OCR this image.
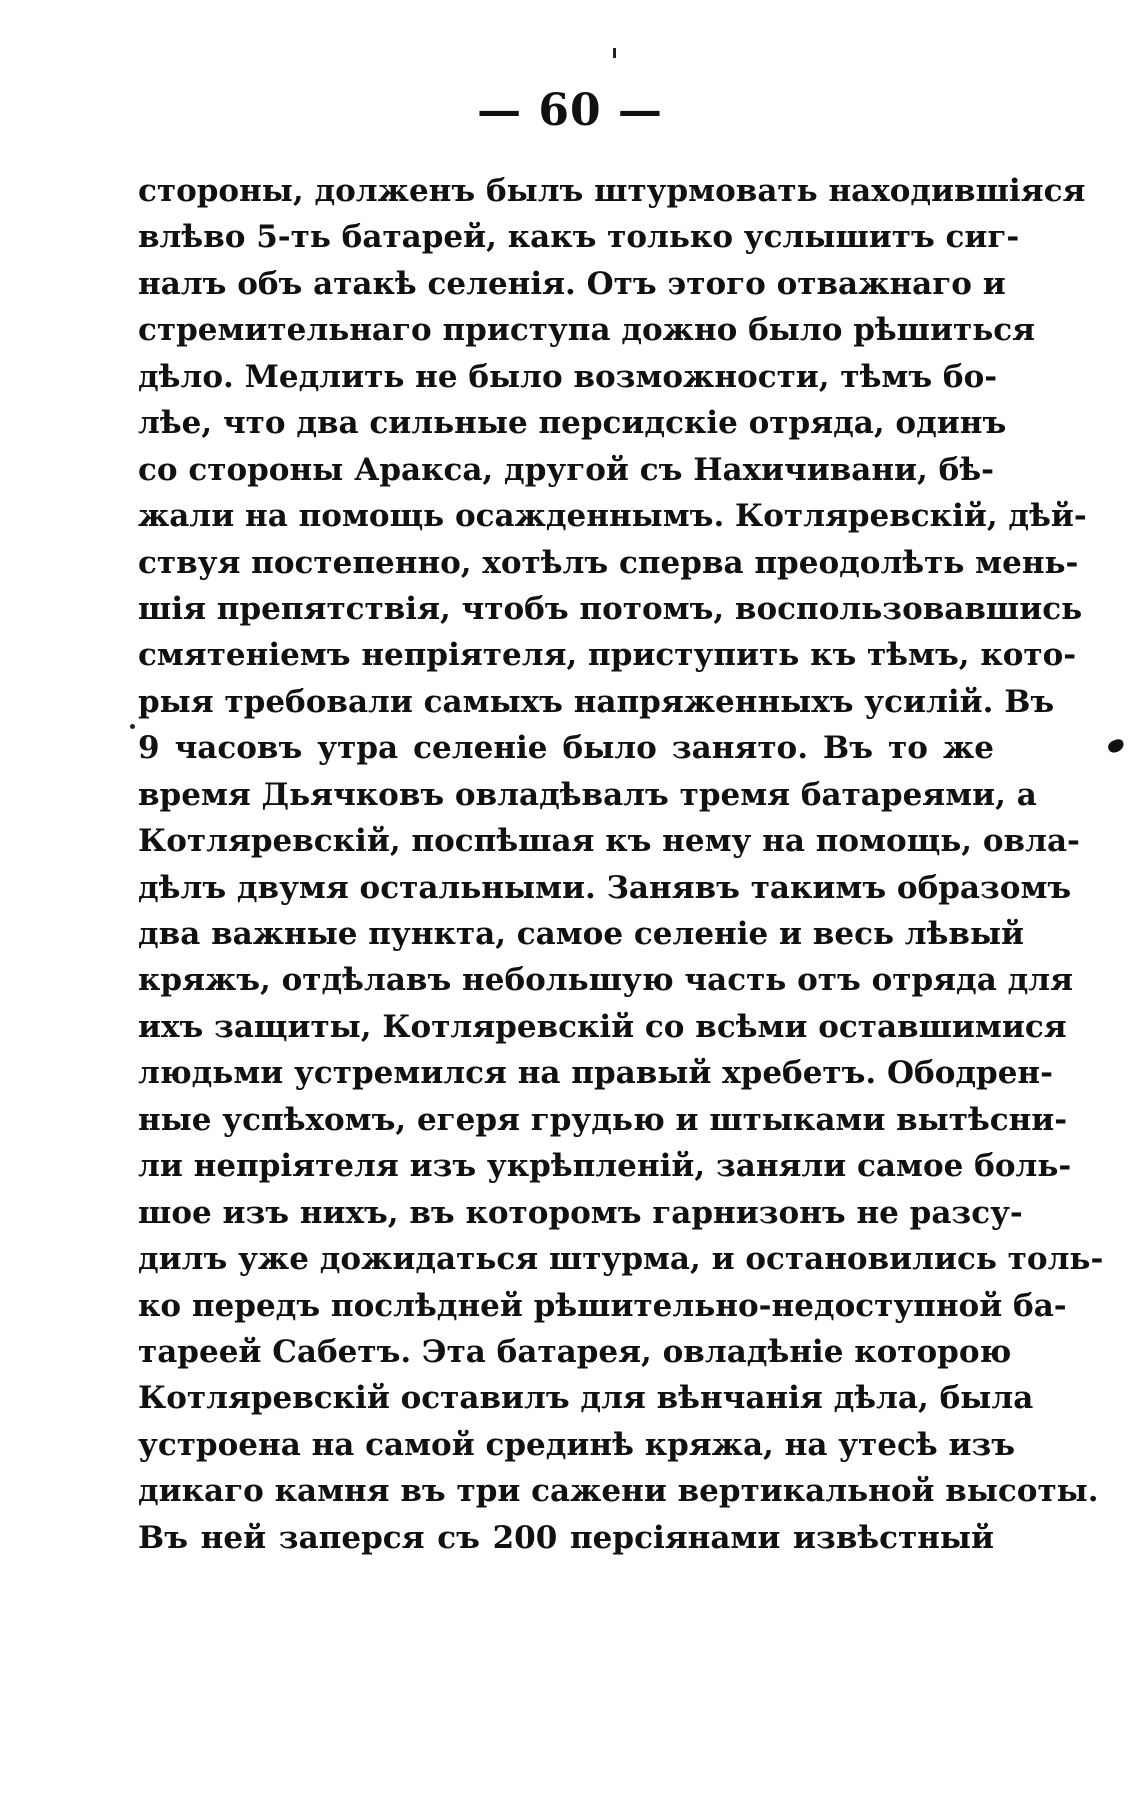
— 60 —
стороны, долженъ былъ штурмовать находившіяся
влѣво 5-ть батарей, какъ только услышитъ сиг-
налъ объ атакѣ селенія. Отъ этого отважнаго и
стремительнаго приступа дожно было рѣшиться
дѣло. Медлить не было возможности, тѣмъ бо-
лѣе, что два сильные персидскіе отряда, одинъ
со стороны Аракса, другой съ Нахичивани, бѣ-
жали на помощь осажденнымъ. Котляревскій, дѣй-
ствуя постепенно, хотѣлъ сперва преодолѣть мень-
шія препятствія, чтобъ потомъ, воспользовавшись
смятеніемъ непріятеля, приступить къ тѣмъ, кото-
рыя требовали самыхъ напряженныхъ усилій. Въ
9 часовъ утра селеніе было занято. Въ то же
время Дьячковъ овладѣвалъ тремя батареями, а
Котляревскій, поспѣшая къ нему на помощь, овла-
дѣлъ двумя остальными. Занявъ такимъ образомъ
два важные пункта, самое селеніе и весь лѣвый
кряжъ, отдѣлавъ небольшую часть отъ отряда для
ихъ защиты, Котляревскій со всѣми оставшимися
людьми устремился на правый хребетъ. Ободрен-
ные успѣхомъ, егеря грудью и штыками вытѣсни-
ли непріятеля изъ укрѣпленій, заняли самое боль-
шое изъ нихъ, въ которомъ гарнизонъ не разсу-
дилъ уже дожидаться штурма, и остановились толь-
ко передъ послѣдней рѣшительно-недоступной ба-
тареей Сабетъ. Эта батарея, овладѣніе которою
Котляревскій оставилъ для вѣнчанія дѣла, была
устроена на самой срединѣ кряжа, на утесѣ изъ
дикаго камня въ три сажени вертикальной высоты.
Въ ней заперся съ 200 персіянами извѣстный
